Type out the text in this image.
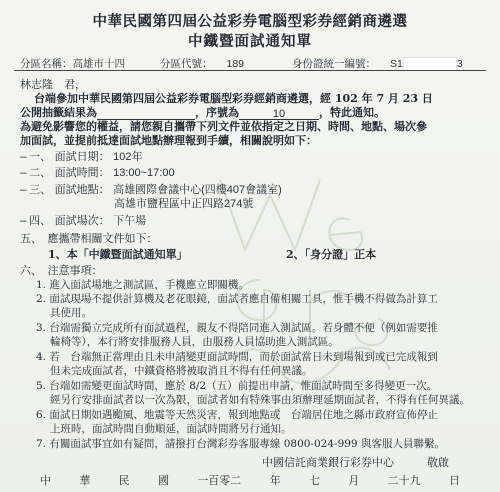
中華民國第四屆公益彩券電腦型彩券經銷商遴選
中鐵暨面試通知單
分區名稱：高雄市十四	分區代號： 189	身份證統一編號： S1	3
林志隆　君，
台端參加中華民國第四屆公益彩券電腦型彩券經銷商遴選，經 102 年 7 月 23 日
公開抽籤結果為	，序號為	10	，特此通知。
為避免影響您的權益，請您親自攜帶下列文件並依指定之日期、時間、地點、場次參
加面試，並提前抵達面試地點辦理報到手續，相關說明如下：
— 一、 面試日期： 102年
— 二、 面試時間： 13:00~17:00
— 三、 面試地點： 高雄國際會議中心(四樓407會議室)
高雄市鹽程區中正四路274號
— 四、 面試場次： 下午場
五、　應攜帶相關文件如下：
1、本「中鐵暨面試通知單」	2、「身分證」正本
六、　注意事項：
1. 進入面試場地之測試區，手機應立即關機。
2. 面試現場不提供計算機及老花眼鏡，面試者應自備相關工具，惟手機不得做為計算工
具使用。
3. 台端需獨立完成所有面試過程，親友不得陪同進入測試區。若身體不便（例如需要推
輪椅等），本行將安排服務人員，由服務人員協助進入測試區。
4. 若　台端無正當理由且未申請變更面試時間，而於面試當日未到場報到或已完成報到
但未完成面試者，中鐵資格將被取消且不得有任何異議。
5. 台端如需變更面試時間，應於 8/2（五）前提出申請，惟面試時間至多得變更一次。
經另行安排面試者以一次為限，面試者如有特殊事由須辦理延期面試者，不得有任何異議。
6. 面試日期如遇颱風、地震等天然災害，報到地點或　台端居住地之縣市政府宣佈停止
上班時，面試時間自動順延，面試時間將另行通知。
7. 有關面試事宜如有疑問，請撥打台灣彩券客服專線 0800-024-999 與客服人員聯繫。
中國信託商業銀行彩券中心　　　敬啟
中	華	民	國	一百零二	年	七	月	二十九	日
